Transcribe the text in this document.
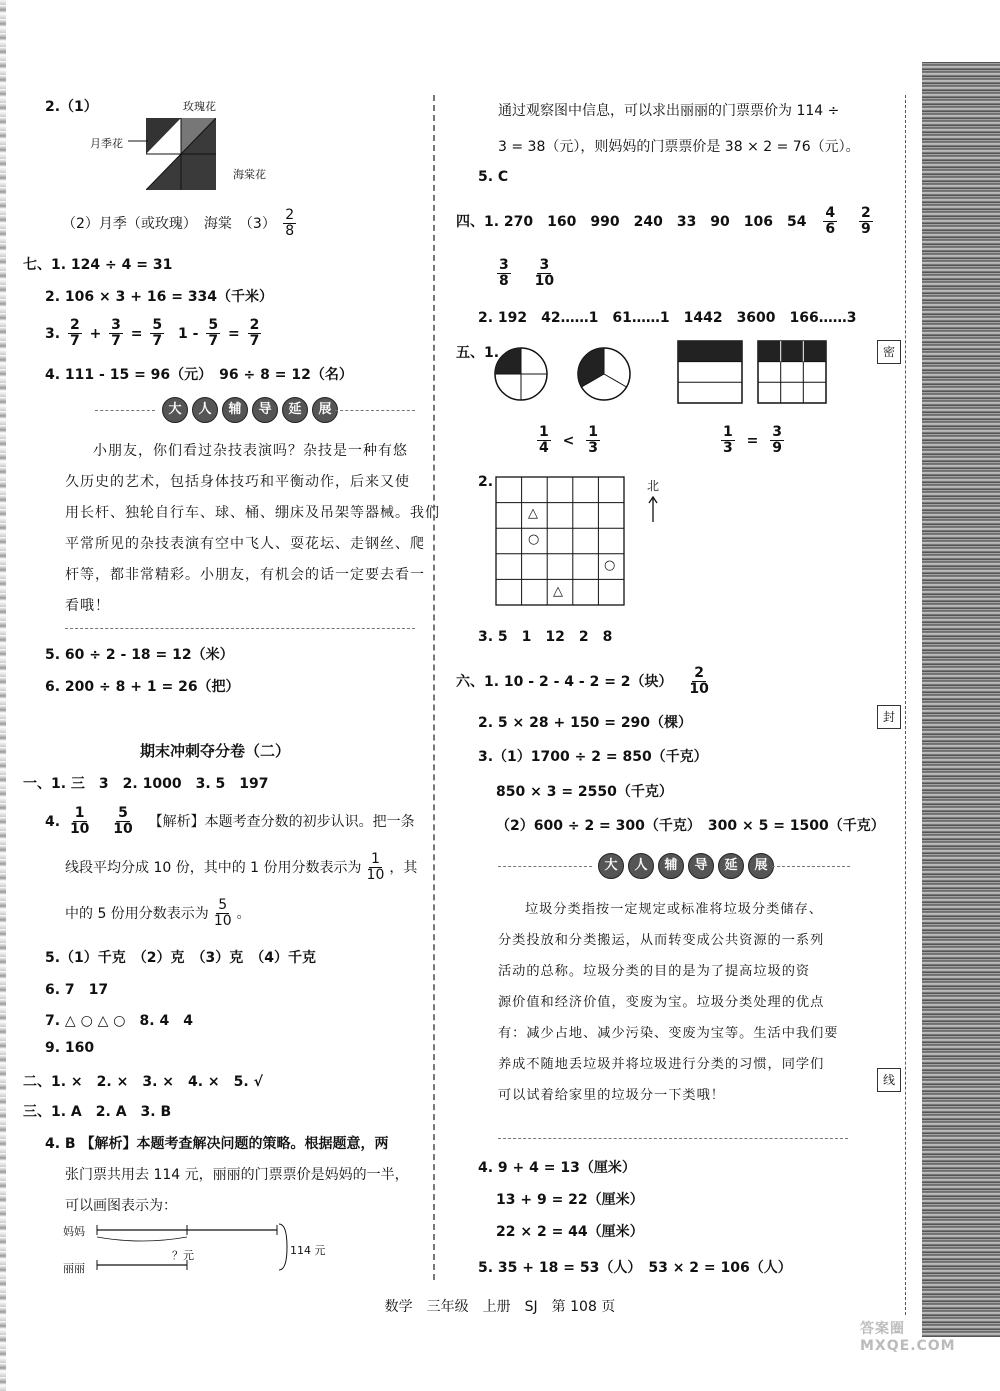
密
封
线
2.（1）	玫瑰花
月季花
海棠花
（2）月季（或玫瑰）　海棠　$(3) \frac{2}{8}$
七、1. 124 ÷ 4 = 31
2. 106 × 3 + 16 = 334（千米）
3. $\frac{2}{7} + \frac{3}{7} = \frac{5}{7} 1 - \frac{5}{7} = \frac{2}{7}$
4. 111 - 15 = 96（元）　96 ÷ 8 = 12（名）
大	人	辅	导	延	展
小朋友，你们看过杂技表演吗？杂技是一种有悠
久历史的艺术，包括身体技巧和平衡动作，后来又使
用长杆、独轮自行车、球、桶、绷床及吊架等器械。我们
平常所见的杂技表演有空中飞人、耍花坛、走钢丝、爬
杆等，都非常精彩。小朋友，有机会的话一定要去看一
看哦！
5. 60 ÷ 2 - 18 = 12（米）
6. 200 ÷ 8 + 1 = 26（把）
期末冲刺夺分卷（二）
一、1. 三　3　2. 1000　3. 5　197
4. $\frac{1}{10}$
$\frac{5}{10}$ 【解析】本题考查分数的初步认识。把一条
线段平均分成 10 份，其中的 1 份用分数表示为 $\frac{1}{10}$ ，其
中的 5 份用分数表示为 $\frac{5}{10}$ 。
5.（1）千克　（2）克　（3）克　（4）千克
6. 7　17
7. △ ○ △ ○　8. 4　4
9. 160
二、1. ×　2. ×　3. ×　4. ×　5. √
三、1. A　2. A　3. B
4. B 【解析】本题考查解决问题的策略。根据题意，两
张门票共用去 114 元，丽丽的门票票价是妈妈的一半，
可以画图表示为：
妈妈
丽丽
？元	114 元
通过观察图中信息，可以求出丽丽的门票票价为 114 ÷
3 = 38（元），则妈妈的门票票价是 38 × 2 = 76（元）。
5. C
四、1. 270　160　990　240　33　90　106　$54 \frac{4}{6}$
$\frac{2}{9}$
$\frac{3}{8}$
$\frac{3}{10}$
2. 192　42……1　61……1　1442　3600　166……3
五、1.
$\frac{1}{4} < \frac{1}{3}$	$\frac{1}{3} = \frac{3}{9}$
2.
△
○
○
△
北
3. 5　1　12　2　8
六、1. 10 - 2 - 4 - 2 = 2（块） $\frac{2}{10}$
2. 5 × 28 + 150 = 290（棵）
3.（1）1700 ÷ 2 = 850（千克）
850 × 3 = 2550（千克）
（2）600 ÷ 2 = 300（千克）　300 × 5 = 1500（千克）
大	人	辅	导	延	展
垃圾分类指按一定规定或标准将垃圾分类储存、
分类投放和分类搬运，从而转变成公共资源的一系列
活动的总称。垃圾分类的目的是为了提高垃圾的资
源价值和经济价值，变废为宝。垃圾分类处理的优点
有：减少占地、减少污染、变废为宝等。生活中我们要
养成不随地丢垃圾并将垃圾进行分类的习惯，同学们
可以试着给家里的垃圾分一下类哦！
4. 9 + 4 = 13（厘米）
13 + 9 = 22（厘米）
22 × 2 = 44（厘米）
5. 35 + 18 = 53（人）　53 × 2 = 106（人）
数学　三年级　上册　SJ　第 108 页
答案圈 MXQE.COM
